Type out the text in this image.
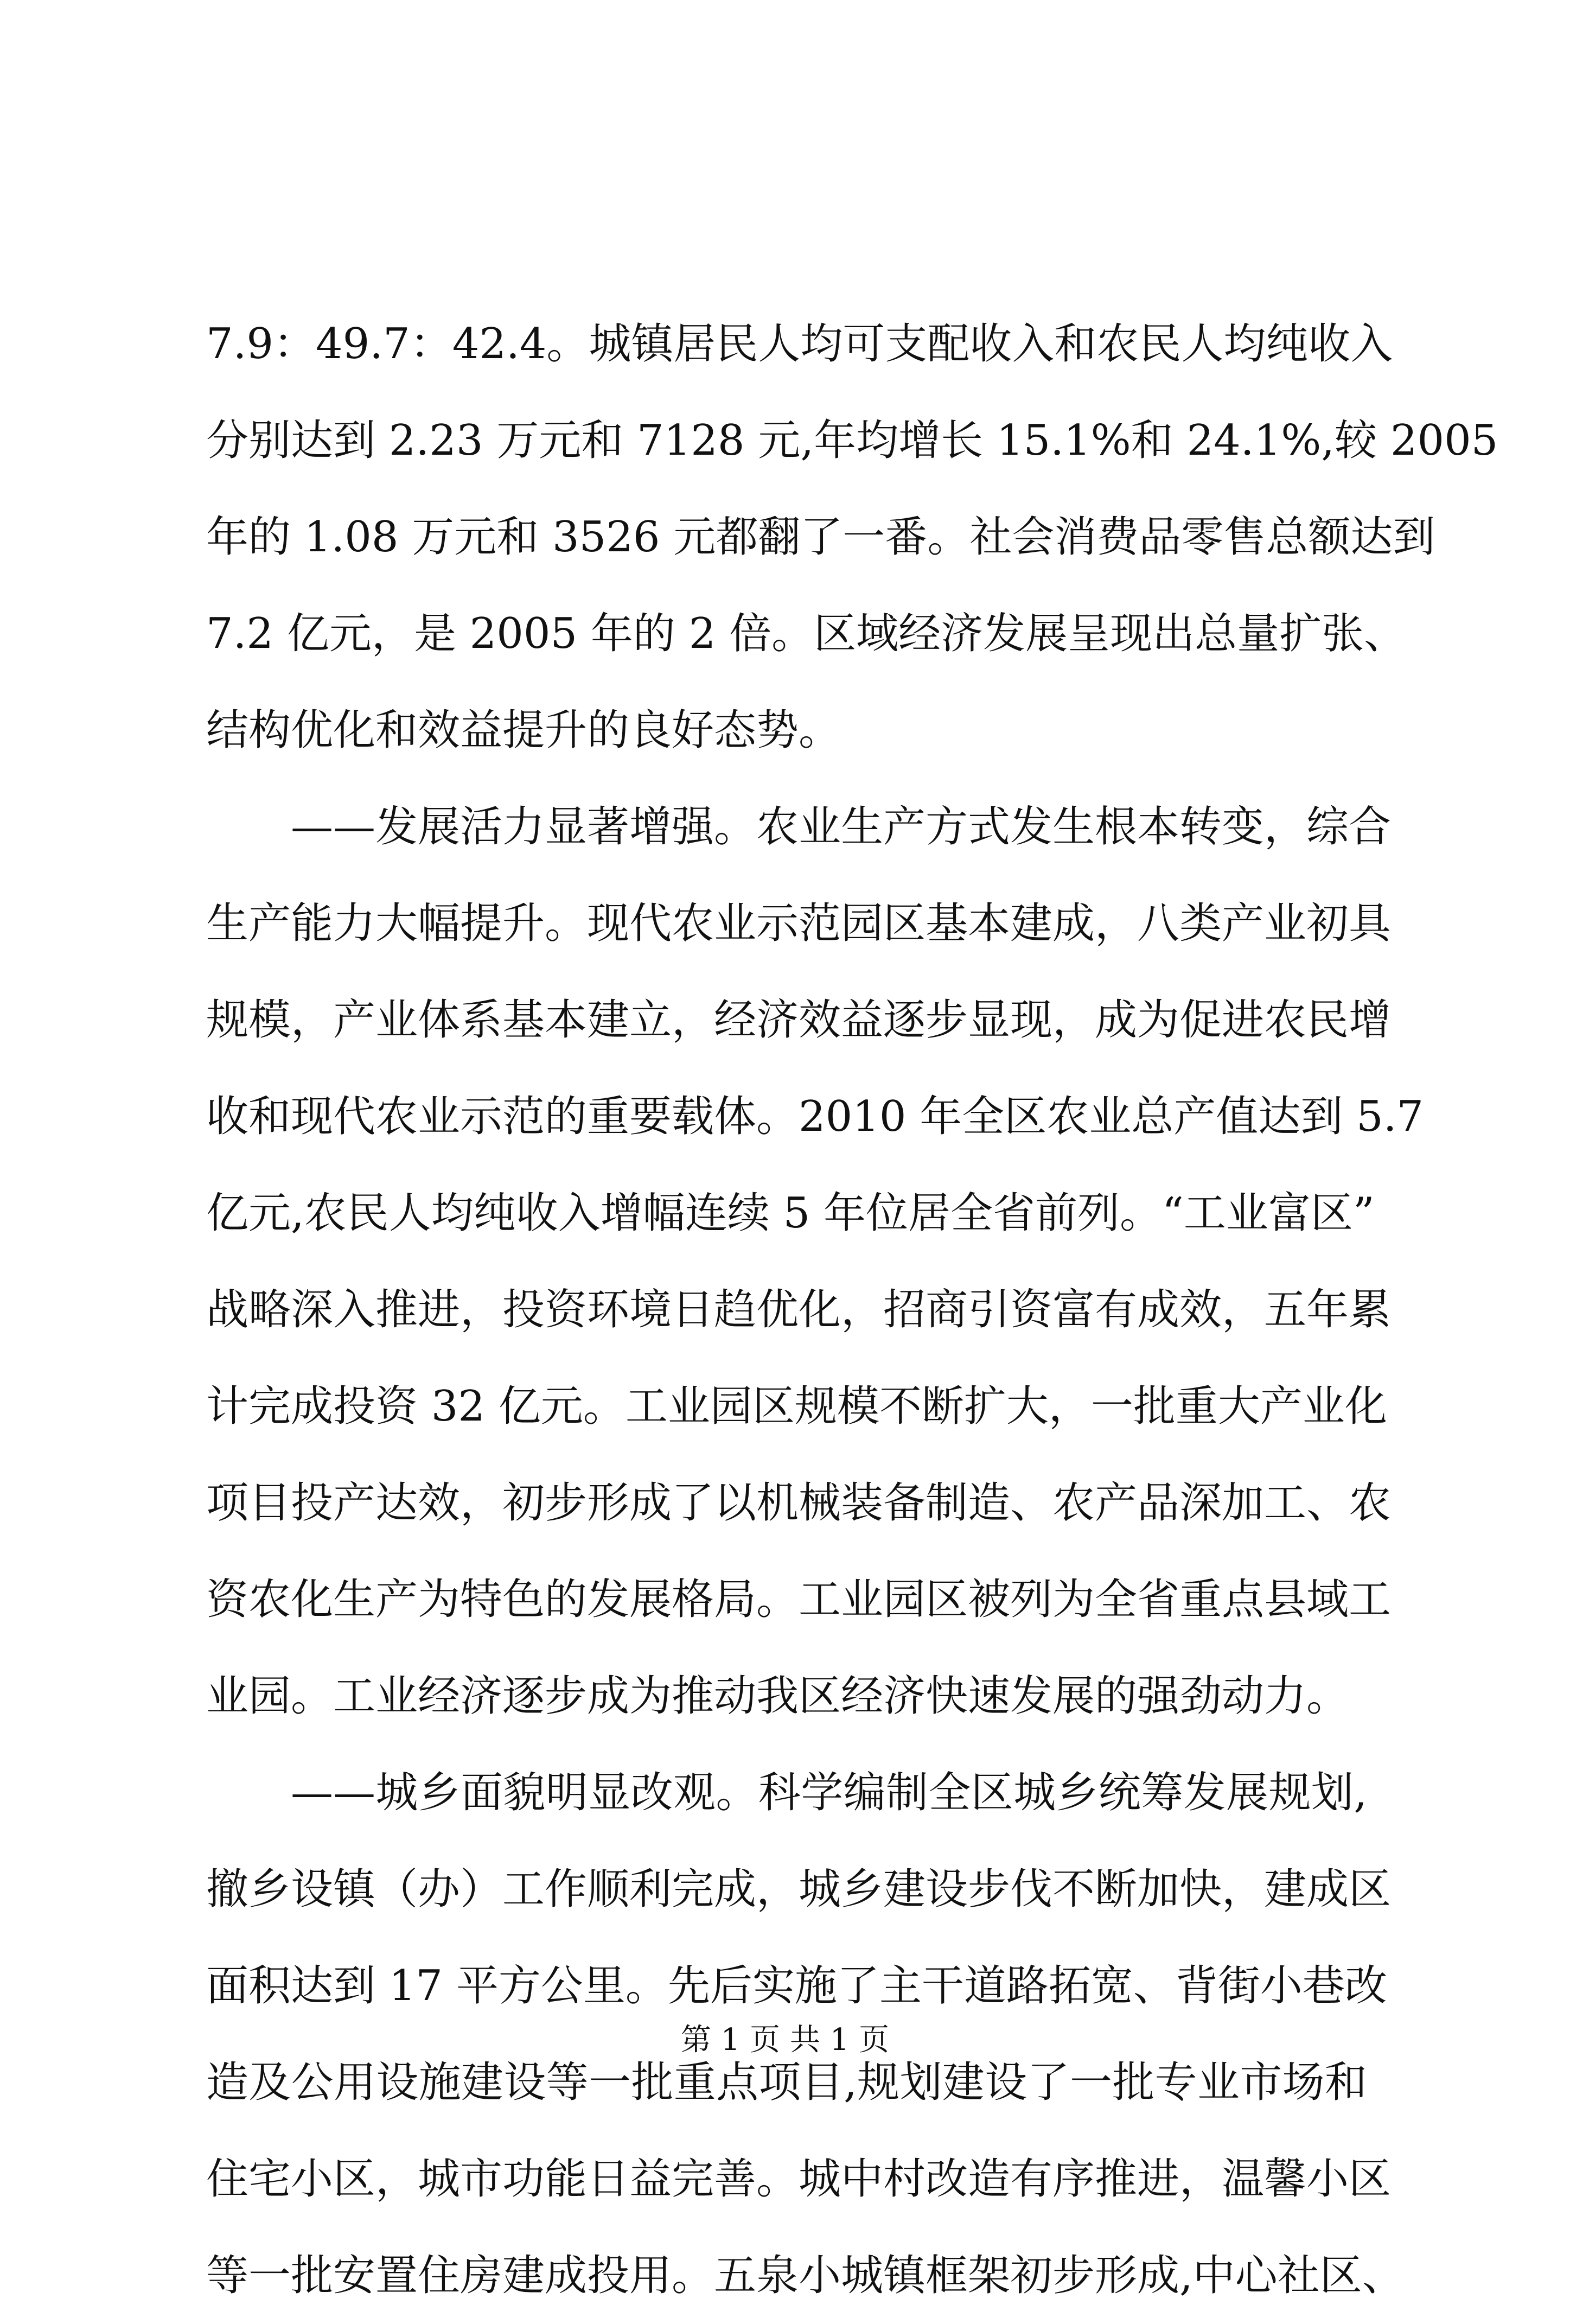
7.9：49.7：42.4。城镇居民人均可支配收入和农民人均纯收入
分别达到 2.23 万元和 7128 元,年均增长 15.1%和 24.1%,较 2005
年的 1.08 万元和 3526 元都翻了一番。社会消费品零售总额达到
7.2 亿元，是 2005 年的 2 倍。区域经济发展呈现出总量扩张、
结构优化和效益提升的良好态势。
——发展活力显著增强。农业生产方式发生根本转变，综合
生产能力大幅提升。现代农业示范园区基本建成，八类产业初具
规模，产业体系基本建立，经济效益逐步显现，成为促进农民增
收和现代农业示范的重要载体。2010 年全区农业总产值达到 5.7
亿元,农民人均纯收入增幅连续 5 年位居全省前列。“工业富区”
战略深入推进，投资环境日趋优化，招商引资富有成效，五年累
计完成投资 32 亿元。工业园区规模不断扩大，一批重大产业化
项目投产达效，初步形成了以机械装备制造、农产品深加工、农
资农化生产为特色的发展格局。工业园区被列为全省重点县域工
业园。工业经济逐步成为推动我区经济快速发展的强劲动力。
——城乡面貌明显改观。科学编制全区城乡统筹发展规划,
撤乡设镇（办）工作顺利完成，城乡建设步伐不断加快，建成区
面积达到 17 平方公里。先后实施了主干道路拓宽、背街小巷改
造及公用设施建设等一批重点项目,规划建设了一批专业市场和
住宅小区，城市功能日益完善。城中村改造有序推进，温馨小区
等一批安置住房建成投用。五泉小城镇框架初步形成,中心社区、
第 1 页 共 1 页
